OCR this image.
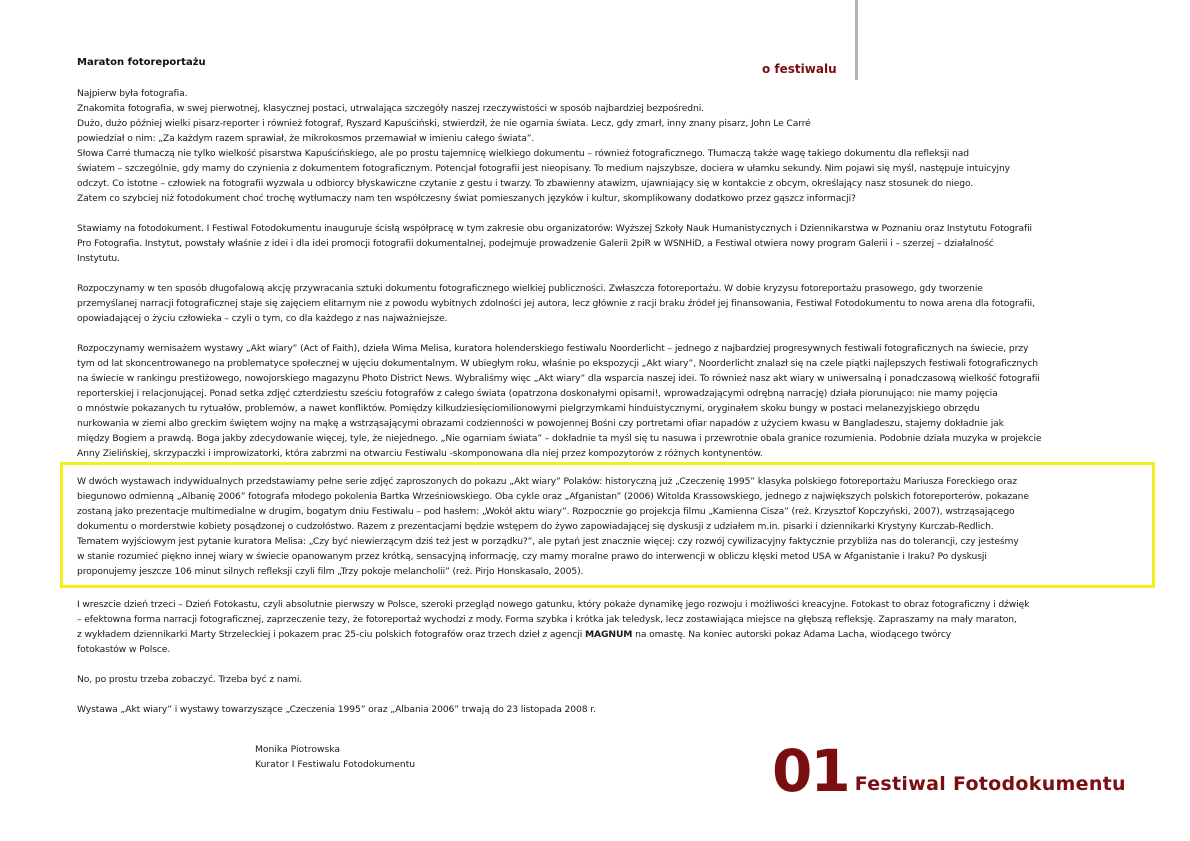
o festiwalu
Maraton fotoreportażu

Najpierw była fotografia.

Znakomita fotografia, w swej pierwotnej, klasycznej postaci, utrwalająca szczegóły naszej rzeczywistości w sposób najbardziej bezpośredni.

Dużo, dużo później wielki pisarz-reporter i również fotograf, Ryszard Kapuściński, stwierdził, że nie ogarnia świata. Lecz, gdy zmarł, inny znany pisarz, John Le Carré

powiedział o nim: „Za każdym razem sprawiał, że mikrokosmos przemawiał w imieniu całego świata”.

Słowa Carré tłumaczą nie tylko wielkość pisarstwa Kapuścińskiego, ale po prostu tajemnicę wielkiego dokumentu – również fotograficznego. Tłumaczą także wagę takiego dokumentu dla refleksji nad

światem – szczególnie, gdy mamy do czynienia z dokumentem fotograficznym. Potencjał fotografii jest nieopisany. To medium najszybsze, dociera w ułamku sekundy. Nim pojawi się myśl, następuje intuicyjny

odczyt. Co istotne – człowiek na fotografii wyzwala u odbiorcy błyskawiczne czytanie z gestu i twarzy. To zbawienny atawizm, ujawniający się w kontakcie z obcym, określający nasz stosunek do niego.

Zatem co szybciej niż fotodokument choć trochę wytłumaczy nam ten współczesny świat pomieszanych języków i kultur, skomplikowany dodatkowo przez gąszcz informacji?

Stawiamy na fotodokument. I Festiwal Fotodokumentu inauguruje ścisłą współpracę w tym zakresie obu organizatorów: Wyższej Szkoły Nauk Humanistycznych i Dziennikarstwa w Poznaniu oraz Instytutu Fotografii

Pro Fotografia. Instytut, powstały właśnie z idei i dla idei promocji fotografii dokumentalnej, podejmuje prowadzenie Galerii 2piR w WSNHiD, a Festiwal otwiera nowy program Galerii i – szerzej – działalność

Instytutu.

Rozpoczynamy w ten sposób długofalową akcję przywracania sztuki dokumentu fotograficznego wielkiej publiczności. Zwłaszcza fotoreportażu. W dobie kryzysu fotoreportażu prasowego, gdy tworzenie

przemyślanej narracji fotograficznej staje się zajęciem elitarnym nie z powodu wybitnych zdolności jej autora, lecz głównie z racji braku źródeł jej finansowania, Festiwal Fotodokumentu to nowa arena dla fotografii,

opowiadającej o życiu człowieka – czyli o tym, co dla każdego z nas najważniejsze.

Rozpoczynamy wernisażem wystawy „Akt wiary” (Act of Faith), dzieła Wima Melisa, kuratora holenderskiego festiwalu Noorderlicht – jednego z najbardziej progresywnych festiwali fotograficznych na świecie, przy

tym od lat skoncentrowanego na problematyce społecznej w ujęciu dokumentalnym. W ubiegłym roku, właśnie po ekspozycji „Akt wiary”, Noorderlicht znalazł się na czele piątki najlepszych festiwali fotograficznych

na świecie w rankingu prestiżowego, nowojorskiego magazynu Photo District News. Wybraliśmy więc „Akt wiary” dla wsparcia naszej idei. To również nasz akt wiary w uniwersalną i ponadczasową wielkość fotografii

reporterskiej i relacjonującej. Ponad setka zdjęć czterdziestu sześciu fotografów z całego świata (opatrzona doskonałymi opisami!, wprowadzającymi odrębną narrację) działa piorunująco: nie mamy pojęcia

o mnóstwie pokazanych tu rytuałów, problemów, a nawet konfliktów. Pomiędzy kilkudziesięciomilionowymi pielgrzymkami hinduistycznymi, oryginałem skoku bungy w postaci melanezyjskiego obrzędu

nurkowania w ziemi albo greckim świętem wojny na mąkę a wstrząsającymi obrazami codzienności w powojennej Bośni czy portretami ofiar napadów z użyciem kwasu w Bangladeszu, stajemy dokładnie jak

między Bogiem a prawdą. Boga jakby zdecydowanie więcej, tyle, że niejednego. „Nie ogarniam świata” – dokładnie ta myśl się tu nasuwa i przewrotnie obala granice rozumienia. Podobnie działa muzyka w projekcie

Anny Zielińskiej, skrzypaczki i improwizatorki, która zabrzmi na otwarciu Festiwalu -skomponowana dla niej przez kompozytorów z różnych kontynentów.

W dwóch wystawach indywidualnych przedstawiamy pełne serie zdjęć zaproszonych do pokazu „Akt wiary” Polaków: historyczną już „Czeczenię 1995” klasyka polskiego fotoreportażu Mariusza Foreckiego oraz

biegunowo odmienną „Albanię 2006” fotografa młodego pokolenia Bartka Wrześniowskiego. Oba cykle oraz „Afganistan” (2006) Witolda Krassowskiego, jednego z największych polskich fotoreporterów, pokazane

zostaną jako prezentacje multimedialne w drugim, bogatym dniu Festiwalu – pod hasłem: „Wokół aktu wiary”. Rozpocznie go projekcja filmu „Kamienna Cisza” (reż. Krzysztof Kopczyński, 2007), wstrząsającego

dokumentu o morderstwie kobiety posądzonej o cudzołóstwo. Razem z prezentacjami będzie wstępem do żywo zapowiadającej się dyskusji z udziałem m.in. pisarki i dziennikarki Krystyny Kurczab-Redlich.

Tematem wyjściowym jest pytanie kuratora Melisa: „Czy być niewierzącym dziś też jest w porządku?”, ale pytań jest znacznie więcej: czy rozwój cywilizacyjny faktycznie przybliża nas do tolerancji, czy jesteśmy

w stanie rozumieć piękno innej wiary w świecie opanowanym przez krótką, sensacyjną informację, czy mamy moralne prawo do interwencji w obliczu klęski metod USA w Afganistanie i Iraku? Po dyskusji

proponujemy jeszcze 106 minut silnych refleksji czyli film „Trzy pokoje melancholii” (reż. Pirjo Honskasalo, 2005).

I wreszcie dzień trzeci – Dzień Fotokastu, czyli absolutnie pierwszy w Polsce, szeroki przegląd nowego gatunku, który pokaże dynamikę jego rozwoju i możliwości kreacyjne. Fotokast to obraz fotograficzny i dźwięk

– efektowna forma narracji fotograficznej, zaprzeczenie tezy, że fotoreportaż wychodzi z mody. Forma szybka i krótka jak teledysk, lecz zostawiająca miejsce na głębszą refleksję. Zapraszamy na mały maraton,

z wykładem dziennikarki Marty Strzeleckiej i pokazem prac 25-ciu polskich fotografów oraz trzech dzieł z agencji MAGNUM na omastę. Na koniec autorski pokaz Adama Lacha, wiodącego twórcy

fotokastów w Polsce.

No, po prostu trzeba zobaczyć. Trzeba być z nami.

Wystawa „Akt wiary” i wystawy towarzyszące „Czeczenia 1995” oraz „Albania 2006” trwają do 23 listopada 2008 r.

Monika Piotrowska
Kurator I Festiwalu Fotodokumentu	01 Festiwal Fotodokumentu
